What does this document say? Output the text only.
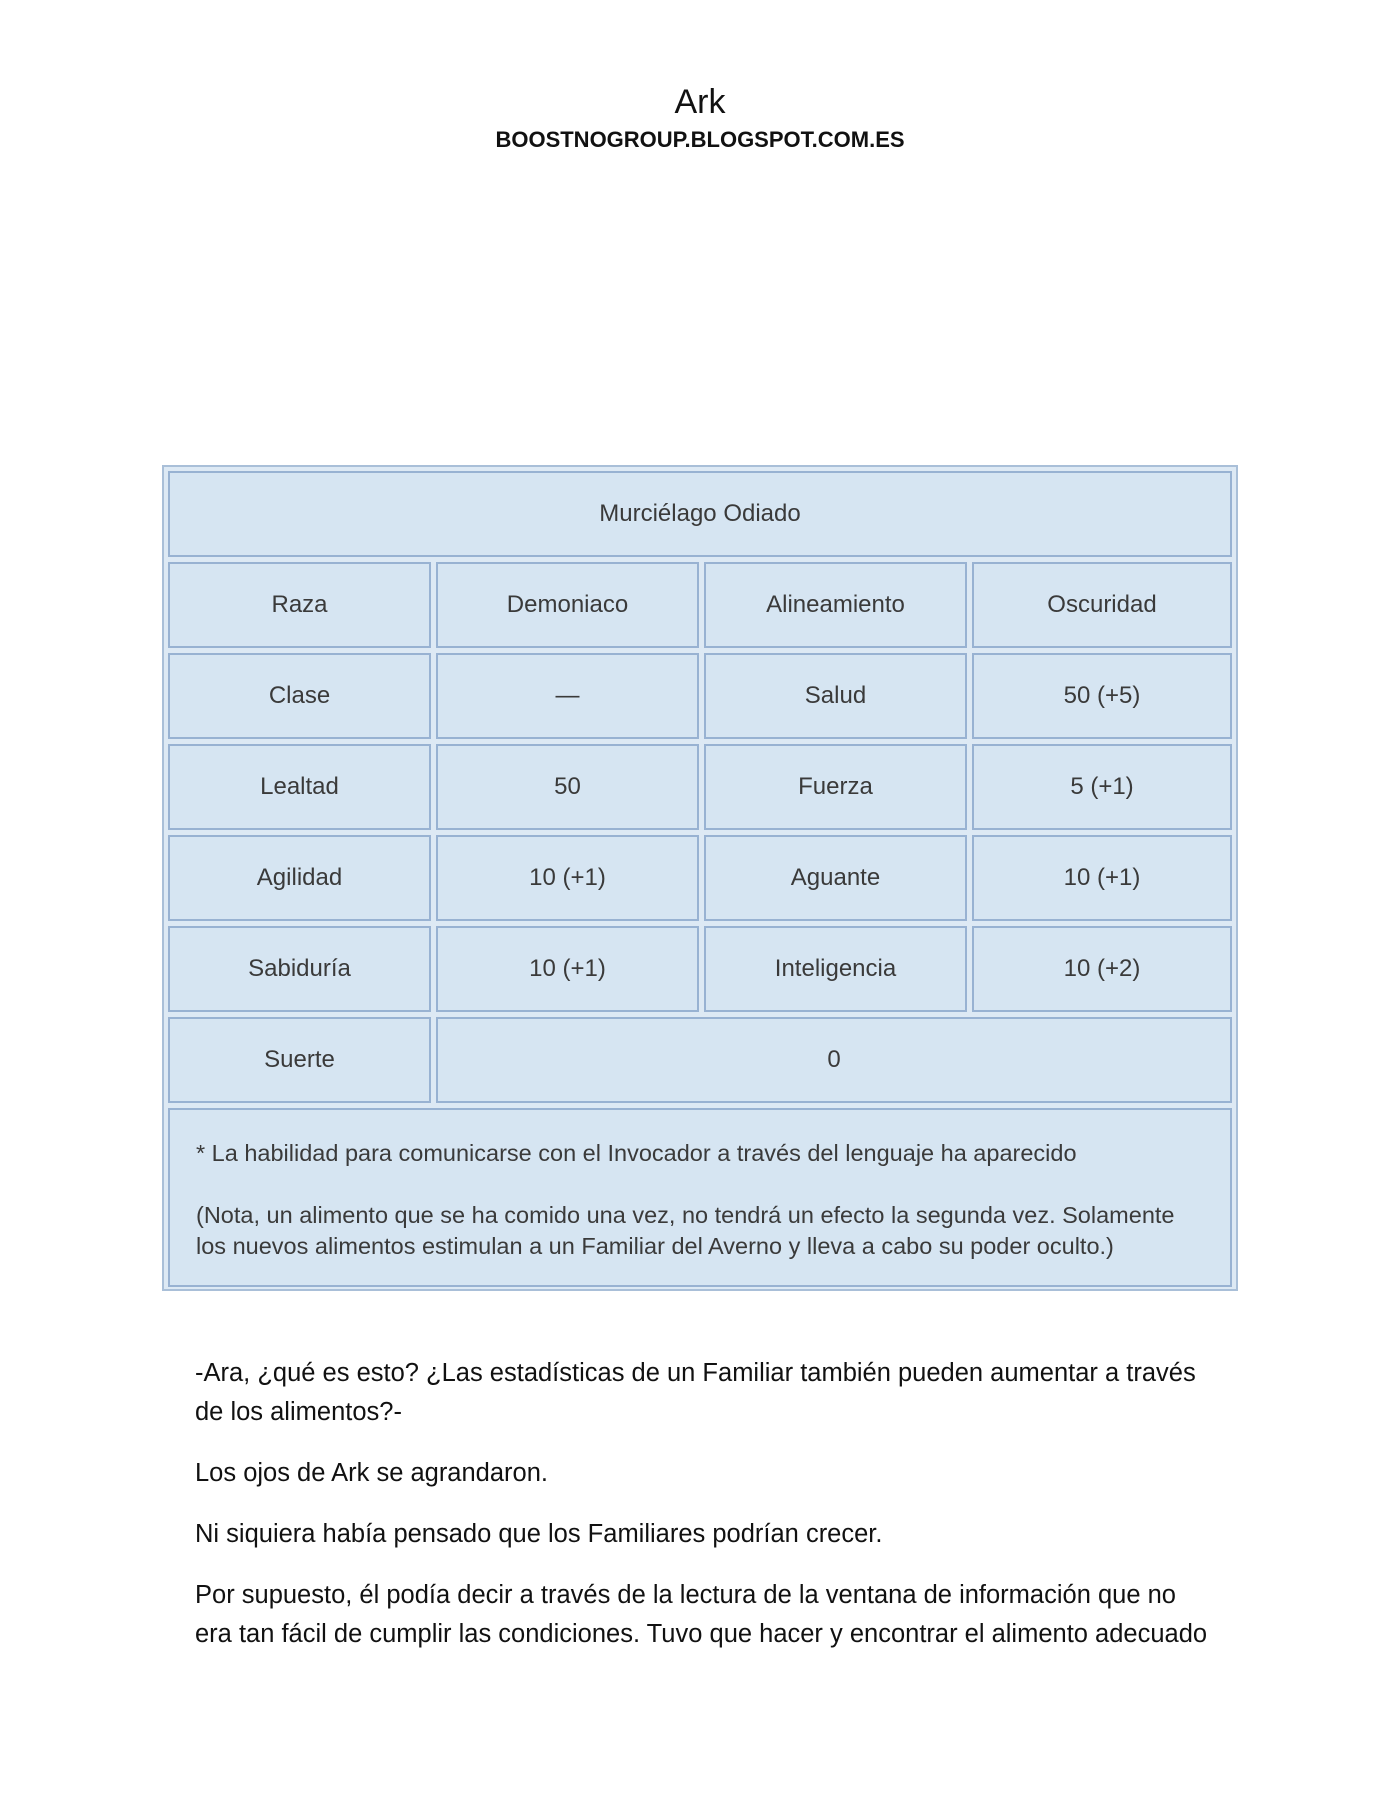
Ark
BOOSTNOGROUP.BLOGSPOT.COM.ES
Murciélago Odiado
Raza	Demoniaco	Alineamiento	Oscuridad
Clase	—	Salud	50 (+5)
Lealtad	50	Fuerza	5 (+1)
Agilidad	10 (+1)	Aguante	10 (+1)
Sabiduría	10 (+1)	Inteligencia	10 (+2)
Suerte	0

* La habilidad para comunicarse con el Invocador a través del lenguaje ha aparecido

(Nota, un alimento que se ha comido una vez, no tendrá un efecto la segunda vez. Solamente los nuevos alimentos estimulan a un Familiar del Averno y lleva a cabo su poder oculto.)

-Ara, ¿qué es esto? ¿Las estadísticas de un Familiar también pueden aumentar a través de los alimentos?-

Los ojos de Ark se agrandaron.

Ni siquiera había pensado que los Familiares podrían crecer.

Por supuesto, él podía decir a través de la lectura de la ventana de información que no era tan fácil de cumplir las condiciones. Tuvo que hacer y encontrar el alimento adecuado
